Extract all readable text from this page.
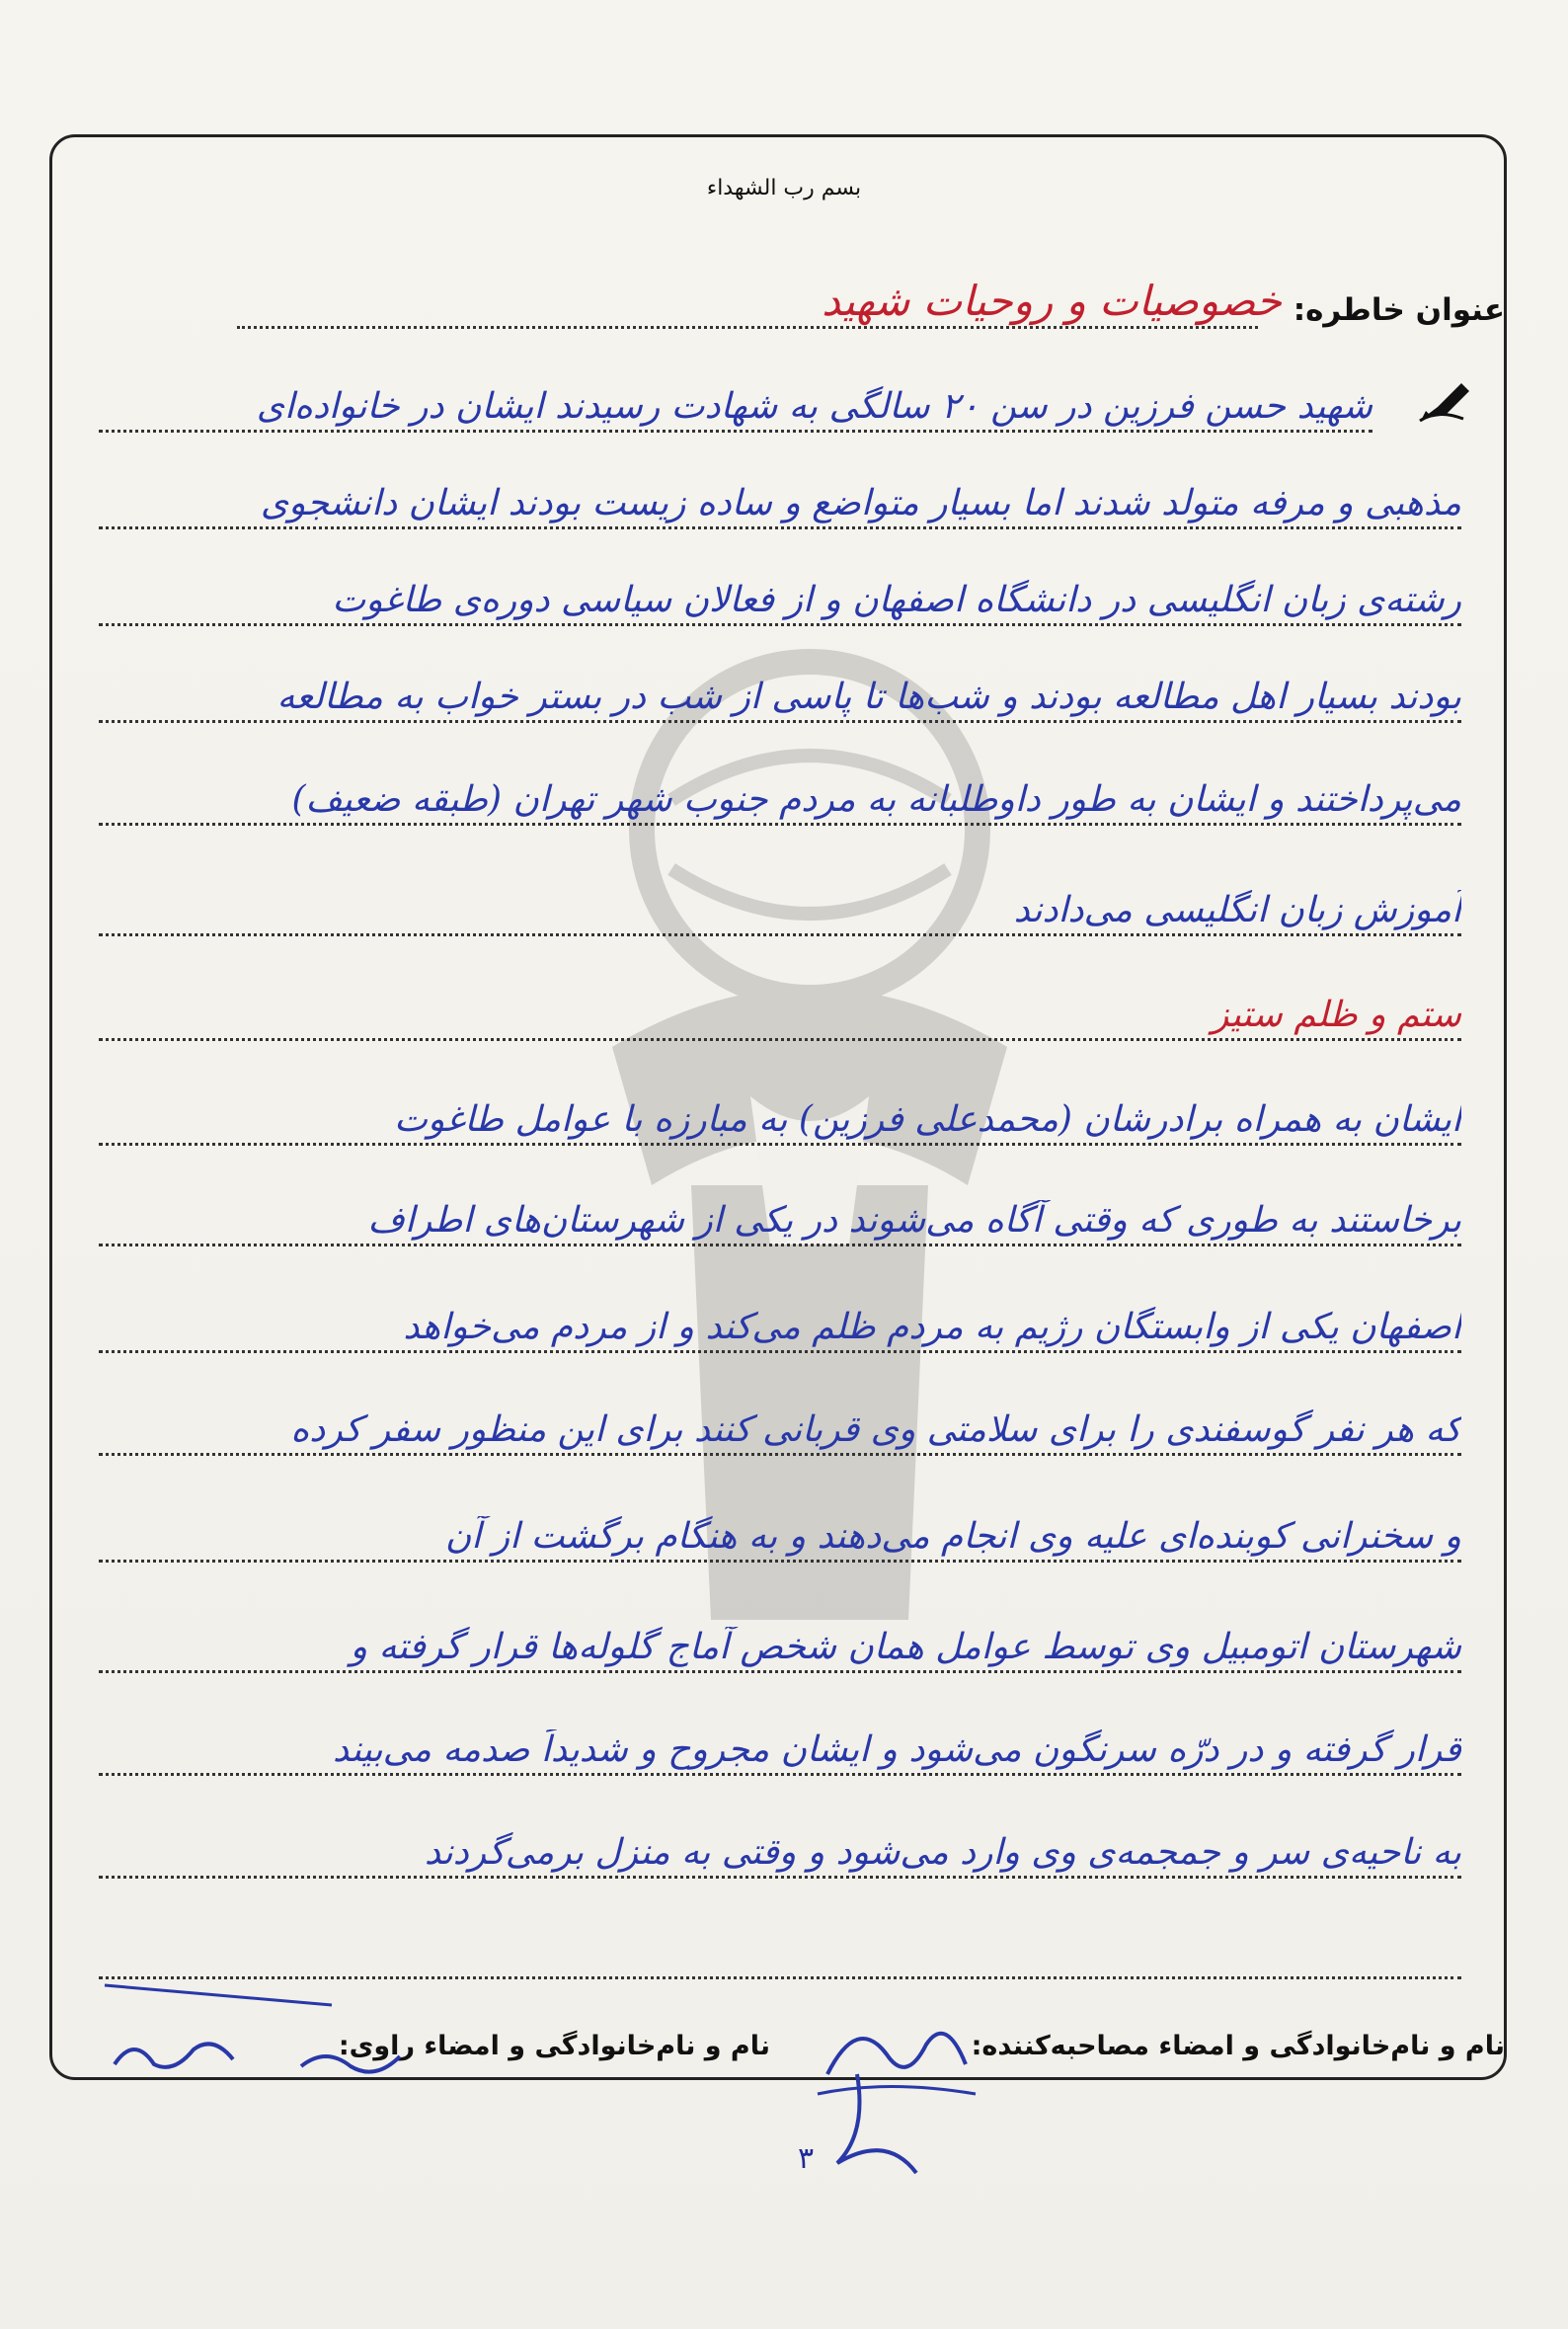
بسم رب الشهداء
عنوان خاطره:
خصوصیات و روحیات شهید
شهید حسن فرزین در سن ۲۰ سالگی به شهادت رسیدند ایشان در خانواده‌ای
مذهبی و مرفه متولد شدند اما بسیار متواضع و ساده زیست بودند ایشان دانشجوی
رشته‌ی زبان انگلیسی در دانشگاه اصفهان و از فعالان سیاسی دوره‌ی طاغوت
بودند بسیار اهل مطالعه بودند و شب‌ها تا پاسی از شب در بستر خواب به مطالعه
می‌پرداختند و ایشان به طور داوطلبانه به مردم جنوب شهر تهران (طبقه ضعیف)
آموزش زبان انگلیسی می‌دادند
ستم و ظلم ستیز
ایشان به همراه برادرشان (محمدعلی فرزین) به مبارزه با عوامل طاغوت
برخاستند به طوری که وقتی آگاه می‌شوند در یکی از شهرستان‌های اطراف
اصفهان یکی از وابستگان رژیم به مردم ظلم می‌کند و از مردم می‌خواهد
که هر نفر گوسفندی را برای سلامتی وی قربانی کنند برای این منظور سفر کرده
و سخنرانی کوبنده‌ای علیه وی انجام می‌دهند و به هنگام برگشت از آن
شهرستان اتومبیل وی توسط عوامل همان شخص آماج گلوله‌ها قرار گرفته و
قرار گرفته و در درّه سرنگون می‌شود و ایشان مجروح و شدیداً صدمه می‌بیند
به ناحیه‌ی سر و جمجمه‌ی وی وارد می‌شود و وقتی به منزل برمی‌گردند
نام و نام‌خانوادگی و امضاء مصاحبه‌کننده:
نام و نام‌خانوادگی و امضاء راوی:
۳
